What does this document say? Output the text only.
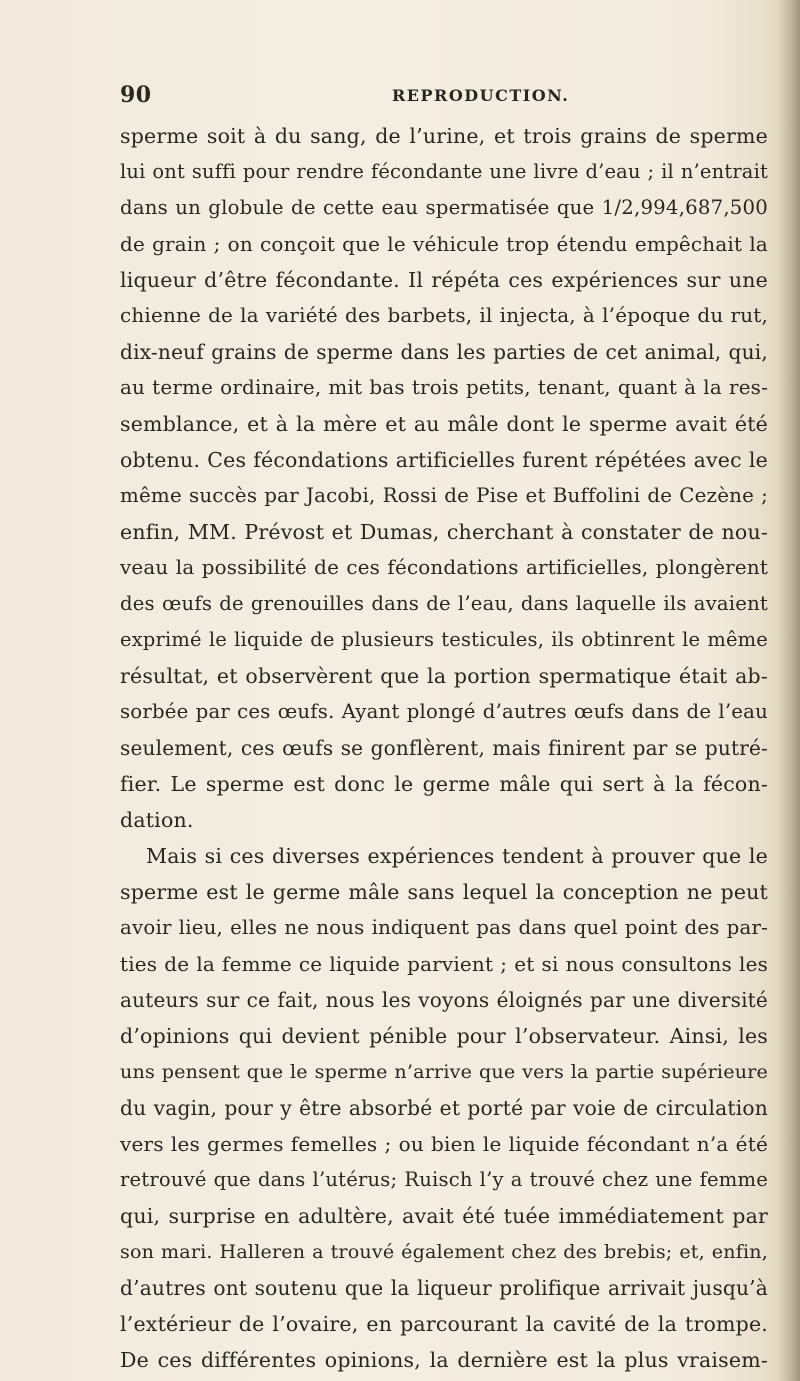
90	REPRODUCTION.
sperme soit à du sang, de l’urine, et trois grains de sperme
lui ont suffi pour rendre fécondante une livre d’eau ; il n’entrait
dans un globule de cette eau spermatisée que 1/2,994,687,500
de grain ; on conçoit que le véhicule trop étendu empêchait la
liqueur d’être fécondante. Il répéta ces expériences sur une
chienne de la variété des barbets, il injecta, à l’époque du rut,
dix-neuf grains de sperme dans les parties de cet animal, qui,
au terme ordinaire, mit bas trois petits, tenant, quant à la res-
semblance, et à la mère et au mâle dont le sperme avait été
obtenu. Ces fécondations artificielles furent répétées avec le
même succès par Jacobi, Rossi de Pise et Buffolini de Cezène ;
enfin, MM. Prévost et Dumas, cherchant à constater de nou-
veau la possibilité de ces fécondations artificielles, plongèrent
des œufs de grenouilles dans de l’eau, dans laquelle ils avaient
exprimé le liquide de plusieurs testicules, ils obtinrent le même
résultat, et observèrent que la portion spermatique était ab-
sorbée par ces œufs. Ayant plongé d’autres œufs dans de l’eau
seulement, ces œufs se gonflèrent, mais finirent par se putré-
fier. Le sperme est donc le germe mâle qui sert à la fécon-
dation.
Mais si ces diverses expériences tendent à prouver que le
sperme est le germe mâle sans lequel la conception ne peut
avoir lieu, elles ne nous indiquent pas dans quel point des par-
ties de la femme ce liquide parvient ; et si nous consultons les
auteurs sur ce fait, nous les voyons éloignés par une diversité
d’opinions qui devient pénible pour l’observateur. Ainsi, les
uns pensent que le sperme n’arrive que vers la partie supérieure
du vagin, pour y être absorbé et porté par voie de circulation
vers les germes femelles ; ou bien le liquide fécondant n’a été
retrouvé que dans l’utérus; Ruisch l’y a trouvé chez une femme
qui, surprise en adultère, avait été tuée immédiatement par
son mari. Halleren a trouvé également chez des brebis; et, enfin,
d’autres ont soutenu que la liqueur prolifique arrivait jusqu’à
l’extérieur de l’ovaire, en parcourant la cavité de la trompe.
De ces différentes opinions, la dernière est la plus vraisem-
